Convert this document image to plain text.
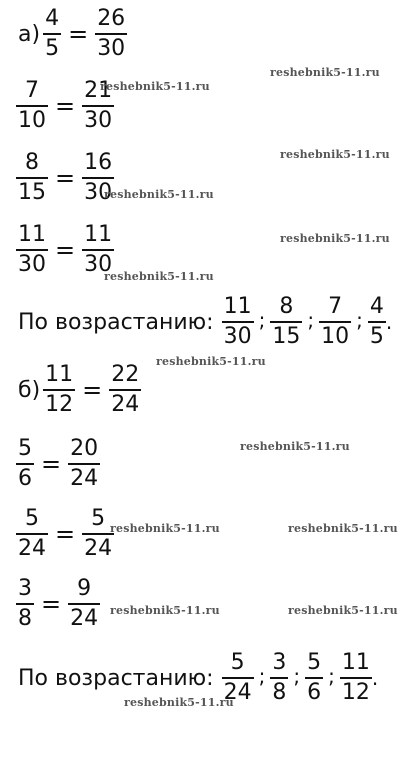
$а) \frac{4}{5} = \frac{26}{30}$
$\frac{7}{10} = \frac{21}{30}$
$\frac{8}{15} = \frac{16}{30}$
$\frac{11}{30} = \frac{11}{30}$
По возрастанию: $\frac{11}{30}$ ; $\frac{8}{15}$ ; $\frac{7}{10}$ ; $\frac{4}{5}$ .
$б) \frac{11}{12} = \frac{22}{24}$
$\frac{5}{6} = \frac{20}{24}$
$\frac{5}{24} = \frac{5}{24}$
$\frac{3}{8} = \frac{9}{24}$
По возрастанию: $\frac{5}{24}$ ; $\frac{3}{8}$ ; $\frac{5}{6}$ ; $\frac{11}{12}$ .
reshebnik5-11.ru
reshebnik5-11.ru
reshebnik5-11.ru
reshebnik5-11.ru
reshebnik5-11.ru
reshebnik5-11.ru
reshebnik5-11.ru
reshebnik5-11.ru
reshebnik5-11.ru	reshebnik5-11.ru
reshebnik5-11.ru	reshebnik5-11.ru
reshebnik5-11.ru
